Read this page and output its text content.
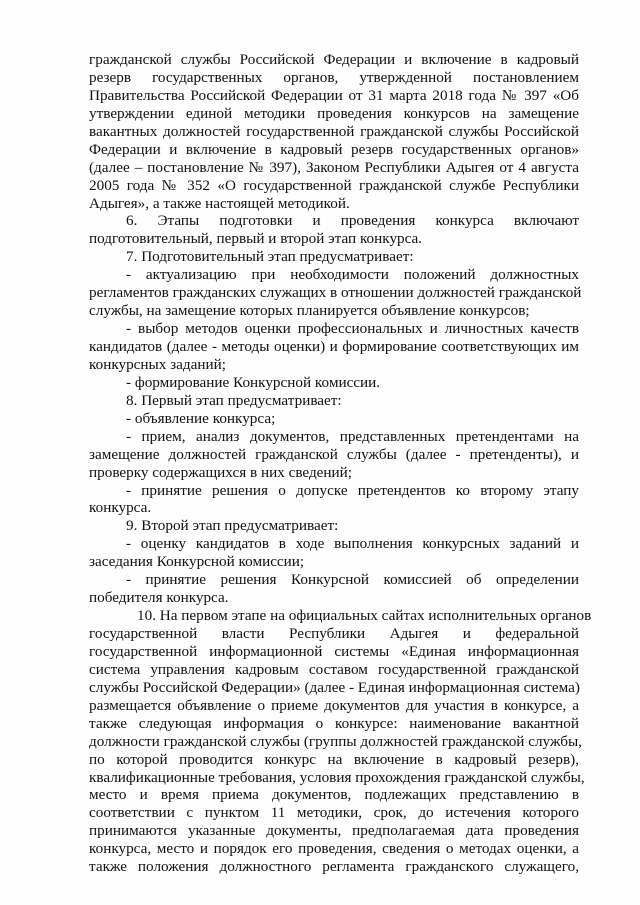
гражданской службы Российской Федерации и включение в кадровый
резерв государственных органов, утвержденной постановлением
Правительства Российской Федерации от 31 марта 2018 года № 397 «Об
утверждении единой методики проведения конкурсов на замещение
вакантных должностей государственной гражданской службы Российской
Федерации и включение в кадровый резерв государственных органов»
(далее – постановление № 397), Законом Республики Адыгея от 4 августа
2005 года № 352 «О государственной гражданской службе Республики
Адыгея», а также настоящей методикой.
6. Этапы подготовки и проведения конкурса включают
подготовительный, первый и второй этап конкурса.
7. Подготовительный этап предусматривает:
- актуализацию при необходимости положений должностных
регламентов гражданских служащих в отношении должностей гражданской
службы, на замещение которых планируется объявление конкурсов;
- выбор методов оценки профессиональных и личностных качеств
кандидатов (далее - методы оценки) и формирование соответствующих им
конкурсных заданий;
- формирование Конкурсной комиссии.
8. Первый этап предусматривает:
- объявление конкурса;
- прием, анализ документов, представленных претендентами на
замещение должностей гражданской службы (далее - претенденты), и
проверку содержащихся в них сведений;
- принятие решения о допуске претендентов ко второму этапу
конкурса.
9. Второй этап предусматривает:
- оценку кандидатов в ходе выполнения конкурсных заданий и
заседания Конкурсной комиссии;
- принятие решения Конкурсной комиссией об определении
победителя конкурса.
10. На первом этапе на официальных сайтах исполнительных органов
государственной власти Республики Адыгея и федеральной
государственной информационной системы «Единая информационная
система управления кадровым составом государственной гражданской
службы Российской Федерации» (далее - Единая информационная система)
размещается объявление о приеме документов для участия в конкурсе, а
также следующая информация о конкурсе: наименование вакантной
должности гражданской службы (группы должностей гражданской службы,
по которой проводится конкурс на включение в кадровый резерв),
квалификационные требования, условия прохождения гражданской службы,
место и время приема документов, подлежащих представлению в
соответствии с пунктом 11 методики, срок, до истечения которого
принимаются указанные документы, предполагаемая дата проведения
конкурса, место и порядок его проведения, сведения о методах оценки, а
также положения должностного регламента гражданского служащего,
